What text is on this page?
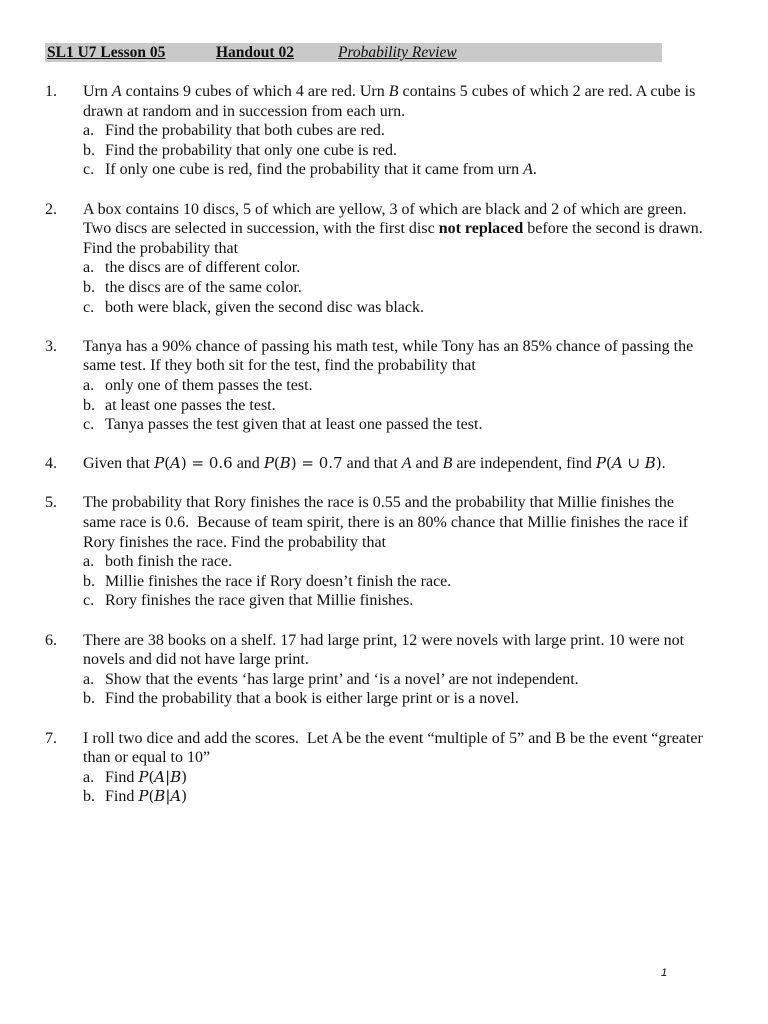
SL1 U7 Lesson 05	Handout 02	Probability Review
1.	Urn A contains 9 cubes of which 4 are red. Urn B contains 5 cubes of which 2 are red. A cube is drawn at random and in succession from each urn.
a. Find the probability that both cubes are red.
b. Find the probability that only one cube is red.
c. If only one cube is red, find the probability that it came from urn A.
2.	A box contains 10 discs, 5 of which are yellow, 3 of which are black and 2 of which are green. Two discs are selected in succession, with the first disc not replaced before the second is drawn. Find the probability that
a. the discs are of different color.
b. the discs are of the same color.
c. both were black, given the second disc was black.
3.	Tanya has a 90% chance of passing his math test, while Tony has an 85% chance of passing the same test. If they both sit for the test, find the probability that
a. only one of them passes the test.
b. at least one passes the test.
c. Tanya passes the test given that at least one passed the test.
4.	Given that P(A) = 0.6 and P(B) = 0.7 and that A and B are independent, find P(A ∪ B).
5.	The probability that Rory finishes the race is 0.55 and the probability that Millie finishes the same race is 0.6.  Because of team spirit, there is an 80% chance that Millie finishes the race if Rory finishes the race. Find the probability that
a. both finish the race.
b. Millie finishes the race if Rory doesn’t finish the race.
c. Rory finishes the race given that Millie finishes.
6.	There are 38 books on a shelf. 17 had large print, 12 were novels with large print. 10 were not novels and did not have large print.
a. Show that the events ‘has large print’ and ‘is a novel’ are not independent.
b. Find the probability that a book is either large print or is a novel.
7.	I roll two dice and add the scores.  Let A be the event “multiple of 5” and B be the event “greater than or equal to 10”
a. Find P(A|B)
b. Find P(B|A)
1
